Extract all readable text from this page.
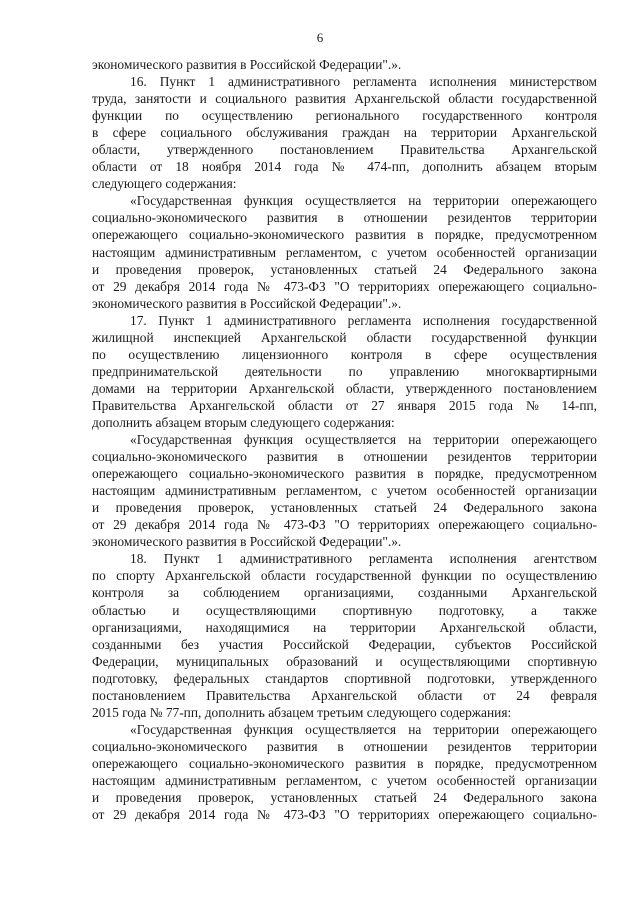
6
экономического развития в Российской Федерации".».
16. Пункт 1 административного регламента исполнения министерством
труда, занятости и социального развития Архангельской области государственной
функции по осуществлению регионального государственного контроля
в сфере социального обслуживания граждан на территории Архангельской
области, утвержденного постановлением Правительства Архангельской
области от 18 ноября 2014 года № 474-пп, дополнить абзацем вторым
следующего содержания:
«Государственная функция осуществляется на территории опережающего
социально-экономического развития в отношении резидентов территории
опережающего социально-экономического развития в порядке, предусмотренном
настоящим административным регламентом, с учетом особенностей организации
и проведения проверок, установленных статьей 24 Федерального закона
от 29 декабря 2014 года № 473-ФЗ "О территориях опережающего социально-
экономического развития в Российской Федерации".».
17. Пункт 1 административного регламента исполнения государственной
жилищной инспекцией Архангельской области государственной функции
по осуществлению лицензионного контроля в сфере осуществления
предпринимательской деятельности по управлению многоквартирными
домами на территории Архангельской области, утвержденного постановлением
Правительства Архангельской области от 27 января 2015 года № 14-пп,
дополнить абзацем вторым следующего содержания:
«Государственная функция осуществляется на территории опережающего
социально-экономического развития в отношении резидентов территории
опережающего социально-экономического развития в порядке, предусмотренном
настоящим административным регламентом, с учетом особенностей организации
и проведения проверок, установленных статьей 24 Федерального закона
от 29 декабря 2014 года № 473-ФЗ "О территориях опережающего социально-
экономического развития в Российской Федерации".».
18. Пункт 1 административного регламента исполнения агентством
по спорту Архангельской области государственной функции по осуществлению
контроля за соблюдением организациями, созданными Архангельской
областью и осуществляющими спортивную подготовку, а также
организациями, находящимися на территории Архангельской области,
созданными без участия Российской Федерации, субъектов Российской
Федерации, муниципальных образований и осуществляющими спортивную
подготовку, федеральных стандартов спортивной подготовки, утвержденного
постановлением Правительства Архангельской области от 24 февраля
2015 года № 77-пп, дополнить абзацем третьим следующего содержания:
«Государственная функция осуществляется на территории опережающего
социально-экономического развития в отношении резидентов территории
опережающего социально-экономического развития в порядке, предусмотренном
настоящим административным регламентом, с учетом особенностей организации
и проведения проверок, установленных статьей 24 Федерального закона
от 29 декабря 2014 года № 473-ФЗ "О территориях опережающего социально-
